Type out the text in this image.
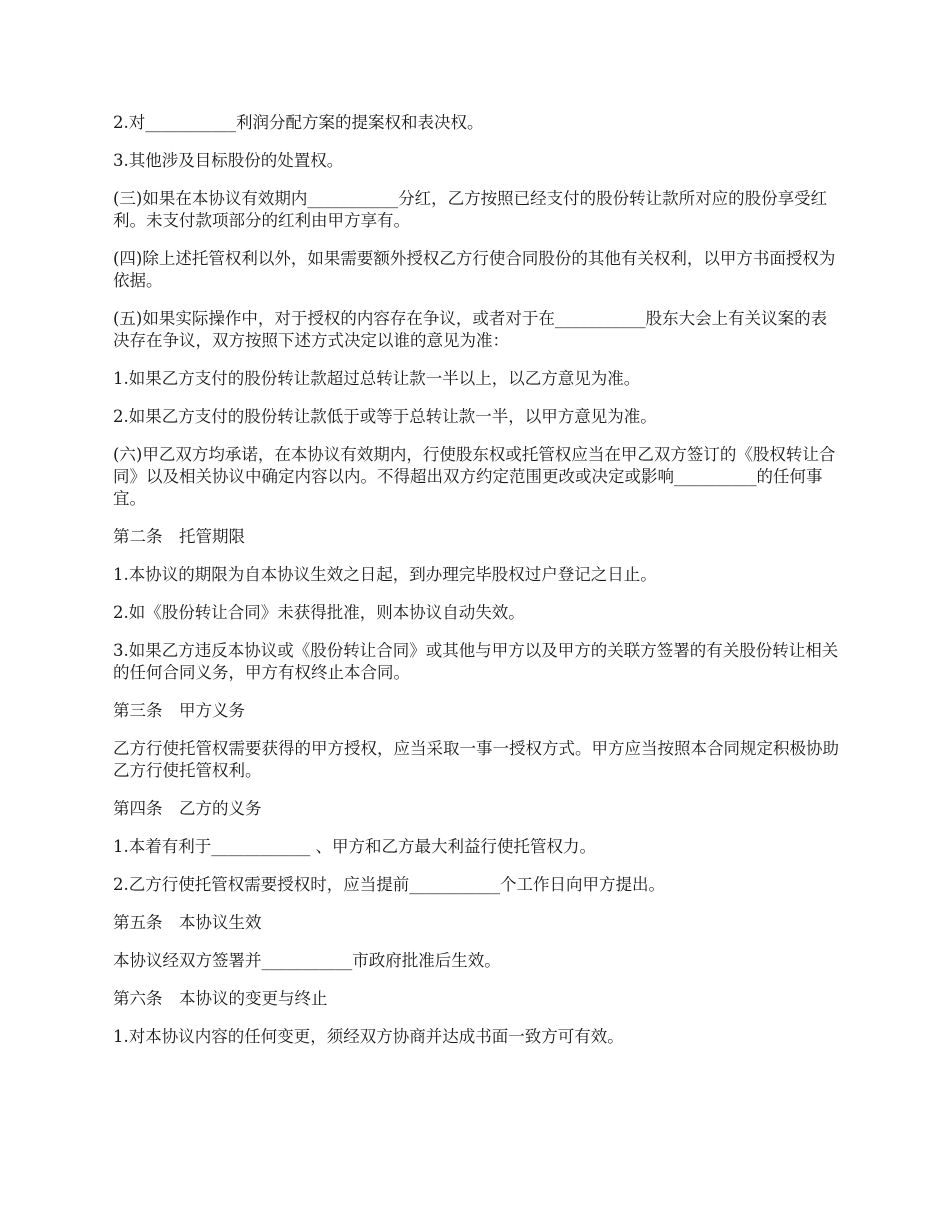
2.对___________利润分配方案的提案权和表决权。

3.其他涉及目标股份的处置权。

(三)如果在本协议有效期内___________分红，乙方按照已经支付的股份转让款所对应的股份享受红利。未支付款项部分的红利由甲方享有。

(四)除上述托管权利以外，如果需要额外授权乙方行使合同股份的其他有关权利，以甲方书面授权为依据。

(五)如果实际操作中，对于授权的内容存在争议，或者对于在___________股东大会上有关议案的表决存在争议，双方按照下述方式决定以谁的意见为准：

1.如果乙方支付的股份转让款超过总转让款一半以上，以乙方意见为准。

2.如果乙方支付的股份转让款低于或等于总转让款一半，以甲方意见为准。

(六)甲乙双方均承诺，在本协议有效期内，行使股东权或托管权应当在甲乙双方签订的《股权转让合同》以及相关协议中确定内容以内。不得超出双方约定范围更改或决定或影响__________的任何事宜。

第二条　托管期限

1.本协议的期限为自本协议生效之日起，到办理完毕股权过户登记之日止。

2.如《股份转让合同》未获得批准，则本协议自动失效。

3.如果乙方违反本协议或《股份转让合同》或其他与甲方以及甲方的关联方签署的有关股份转让相关的任何合同义务，甲方有权终止本合同。

第三条　甲方义务

乙方行使托管权需要获得的甲方授权，应当采取一事一授权方式。甲方应当按照本合同规定积极协助乙方行使托管权利。

第四条　乙方的义务

1.本着有利于____________ 、甲方和乙方最大利益行使托管权力。

2.乙方行使托管权需要授权时，应当提前___________个工作日向甲方提出。

第五条　本协议生效

本协议经双方签署并___________市政府批准后生效。

第六条　本协议的变更与终止

1.对本协议内容的任何变更，须经双方协商并达成书面一致方可有效。
